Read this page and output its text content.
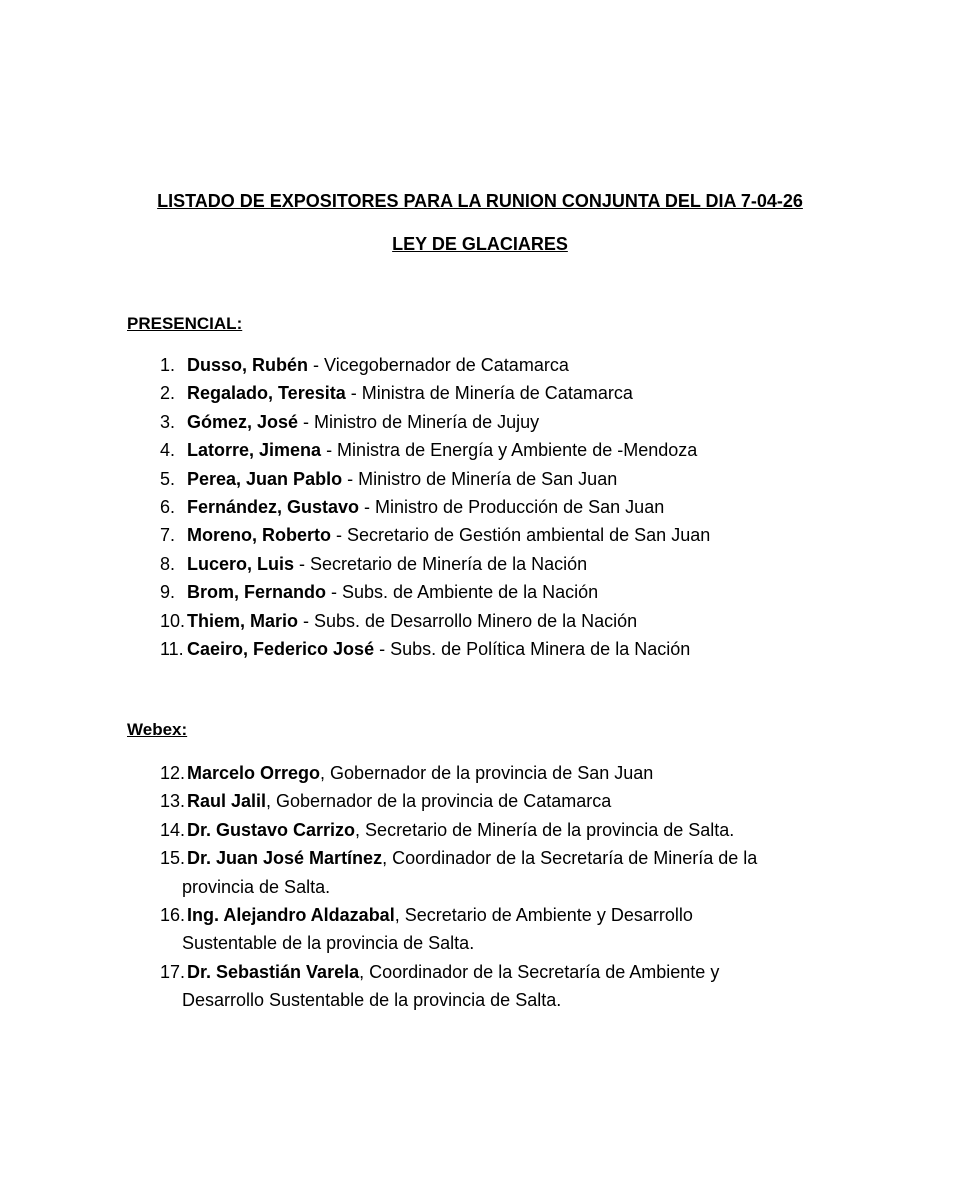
LISTADO DE EXPOSITORES PARA LA RUNION CONJUNTA DEL DIA 7-04-26
LEY DE GLACIARES
PRESENCIAL:
1. Dusso, Rubén - Vicegobernador de Catamarca
2. Regalado, Teresita - Ministra de Minería de Catamarca
3. Gómez, José - Ministro de Minería de Jujuy
4. Latorre, Jimena - Ministra de Energía y Ambiente de -Mendoza
5. Perea, Juan Pablo - Ministro de Minería de San Juan
6. Fernández, Gustavo - Ministro de Producción de San Juan
7. Moreno, Roberto - Secretario de Gestión ambiental de San Juan
8. Lucero, Luis - Secretario de Minería de la Nación
9. Brom, Fernando - Subs. de Ambiente de la Nación
10. Thiem, Mario - Subs. de Desarrollo Minero de la Nación
11. Caeiro, Federico José - Subs. de Política Minera de la Nación
Webex:
12. Marcelo Orrego, Gobernador de la provincia de San Juan
13. Raul Jalil, Gobernador de la provincia de Catamarca
14. Dr. Gustavo Carrizo, Secretario de Minería de la provincia de Salta.
15. Dr. Juan José Martínez, Coordinador de la Secretaría de Minería de la
provincia de Salta.
16. Ing. Alejandro Aldazabal, Secretario de Ambiente y Desarrollo
Sustentable de la provincia de Salta.
17. Dr. Sebastián Varela, Coordinador de la Secretaría de Ambiente y
Desarrollo Sustentable de la provincia de Salta.
